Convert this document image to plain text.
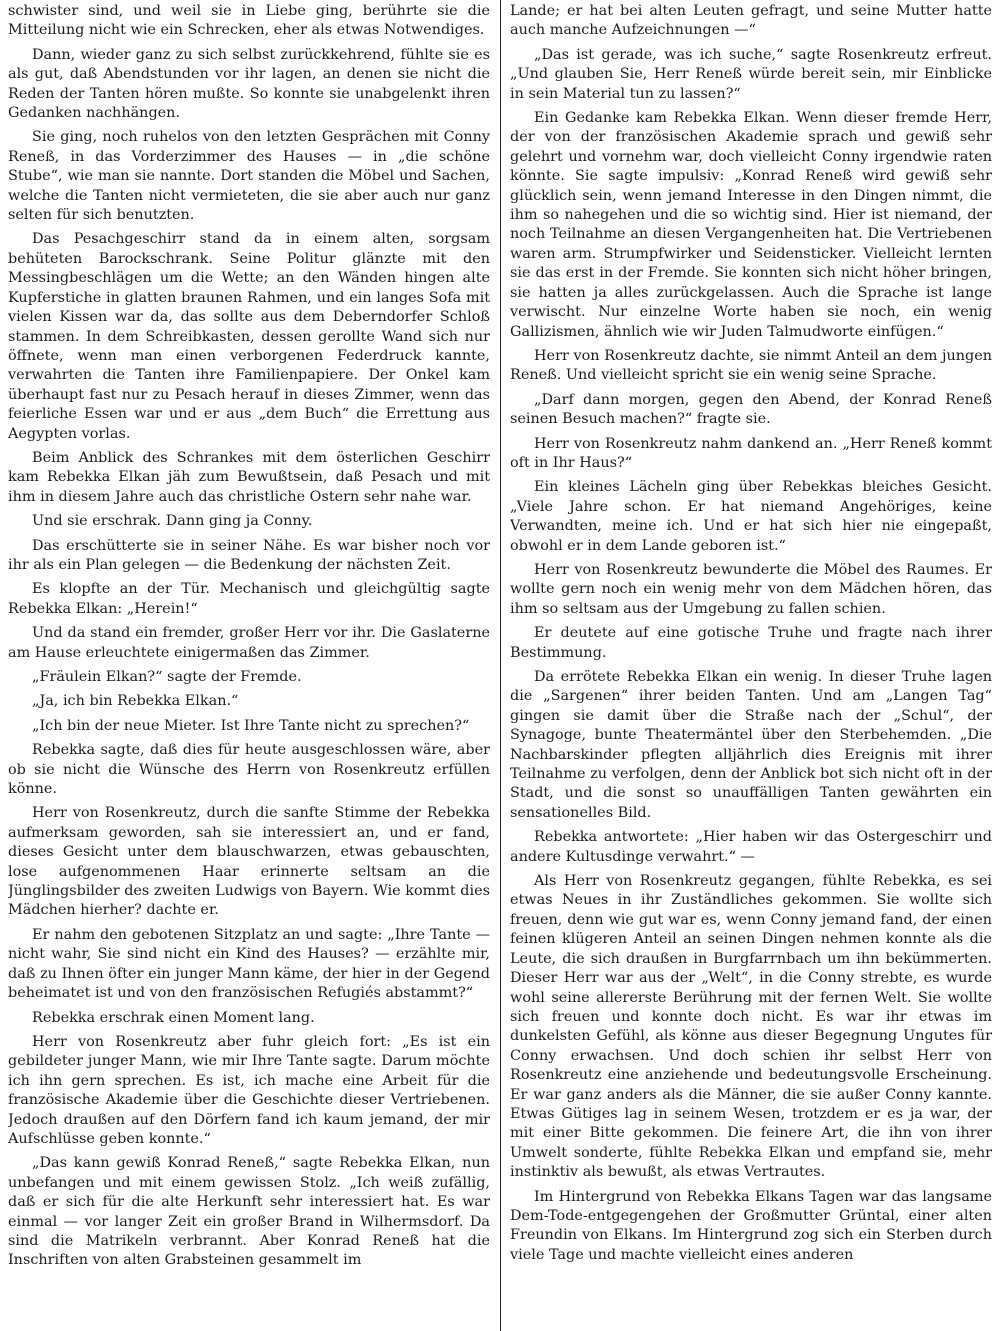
schwister sind, und weil sie in Liebe ging, berührte sie die Mitteilung nicht wie ein Schrecken, eher als etwas Notwendiges.

Dann, wieder ganz zu sich selbst zurückkehrend, fühlte sie es als gut, daß Abendstunden vor ihr lagen, an denen sie nicht die Reden der Tanten hören mußte. So konnte sie unabgelenkt ihren Gedanken nachhängen.

Sie ging, noch ruhelos von den letzten Gesprächen mit Conny Reneß, in das Vorderzimmer des Hauses — in „die schöne Stube“, wie man sie nannte. Dort standen die Möbel und Sachen, welche die Tanten nicht vermieteten, die sie aber auch nur ganz selten für sich benutzten.

Das Pesachgeschirr stand da in einem alten, sorgsam behüteten Barockschrank. Seine Politur glänzte mit den Messingbeschlägen um die Wette; an den Wänden hingen alte Kupferstiche in glatten braunen Rahmen, und ein langes Sofa mit vielen Kissen war da, das sollte aus dem Deberndorfer Schloß stammen. In dem Schreibkasten, dessen gerollte Wand sich nur öffnete, wenn man einen verborgenen Federdruck kannte, verwahrten die Tanten ihre Familienpapiere. Der Onkel kam überhaupt fast nur zu Pesach herauf in dieses Zimmer, wenn das feierliche Essen war und er aus „dem Buch“ die Errettung aus Aegypten vorlas.

Beim Anblick des Schrankes mit dem österlichen Geschirr kam Rebekka Elkan jäh zum Bewußtsein, daß Pesach und mit ihm in diesem Jahre auch das christliche Ostern sehr nahe war.

Und sie erschrak. Dann ging ja Conny.

Das erschütterte sie in seiner Nähe. Es war bisher noch vor ihr als ein Plan gelegen — die Bedenkung der nächsten Zeit.

Es klopfte an der Tür. Mechanisch und gleichgültig sagte Rebekka Elkan: „Herein!“

Und da stand ein fremder, großer Herr vor ihr. Die Gaslaterne am Hause erleuchtete einigermaßen das Zimmer.

„Fräulein Elkan?“ sagte der Fremde.

„Ja, ich bin Rebekka Elkan.“

„Ich bin der neue Mieter. Ist Ihre Tante nicht zu sprechen?“

Rebekka sagte, daß dies für heute ausgeschlossen wäre, aber ob sie nicht die Wünsche des Herrn von Rosenkreutz erfüllen könne.

Herr von Rosenkreutz, durch die sanfte Stimme der Rebekka aufmerksam geworden, sah sie interessiert an, und er fand, dieses Gesicht unter dem blauschwarzen, etwas gebauschten, lose aufgenommenen Haar erinnerte seltsam an die Jünglingsbilder des zweiten Ludwigs von Bayern. Wie kommt dies Mädchen hierher? dachte er.

Er nahm den gebotenen Sitzplatz an und sagte: „Ihre Tante — nicht wahr, Sie sind nicht ein Kind des Hauses? — erzählte mir, daß zu Ihnen öfter ein junger Mann käme, der hier in der Gegend beheimatet ist und von den französischen Refugiés abstammt?“

Rebekka erschrak einen Moment lang.

Herr von Rosenkreutz aber fuhr gleich fort: „Es ist ein gebildeter junger Mann, wie mir Ihre Tante sagte. Darum möchte ich ihn gern sprechen. Es ist, ich mache eine Arbeit für die französische Akademie über die Geschichte dieser Vertriebenen. Jedoch draußen auf den Dörfern fand ich kaum jemand, der mir Aufschlüsse geben konnte.“

„Das kann gewiß Konrad Reneß,“ sagte Rebekka Elkan, nun unbefangen und mit einem gewissen Stolz. „Ich weiß zufällig, daß er sich für die alte Herkunft sehr interessiert hat. Es war einmal — vor langer Zeit ein großer Brand in Wilhermsdorf. Da sind die Matrikeln verbrannt. Aber Konrad Reneß hat die Inschriften von alten Grabsteinen gesammelt im

Lande; er hat bei alten Leuten gefragt, und seine Mutter hatte auch manche Aufzeichnungen —“

„Das ist gerade, was ich suche,“ sagte Rosenkreutz erfreut. „Und glauben Sie, Herr Reneß würde bereit sein, mir Einblicke in sein Material tun zu lassen?“

Ein Gedanke kam Rebekka Elkan. Wenn dieser fremde Herr, der von der französischen Akademie sprach und gewiß sehr gelehrt und vornehm war, doch vielleicht Conny irgendwie raten könnte. Sie sagte impulsiv: „Konrad Reneß wird gewiß sehr glücklich sein, wenn jemand Interesse in den Dingen nimmt, die ihm so nahegehen und die so wichtig sind. Hier ist niemand, der noch Teilnahme an diesen Vergangenheiten hat. Die Vertriebenen waren arm. Strumpfwirker und Seidensticker. Vielleicht lernten sie das erst in der Fremde. Sie konnten sich nicht höher bringen, sie hatten ja alles zurückgelassen. Auch die Sprache ist lange verwischt. Nur einzelne Worte haben sie noch, ein wenig Gallizismen, ähnlich wie wir Juden Talmudworte einfügen.“

Herr von Rosenkreutz dachte, sie nimmt Anteil an dem jungen Reneß. Und vielleicht spricht sie ein wenig seine Sprache.

„Darf dann morgen, gegen den Abend, der Konrad Reneß seinen Besuch machen?“ fragte sie.

Herr von Rosenkreutz nahm dankend an. „Herr Reneß kommt oft in Ihr Haus?“

Ein kleines Lächeln ging über Rebekkas bleiches Gesicht. „Viele Jahre schon. Er hat niemand Angehöriges, keine Verwandten, meine ich. Und er hat sich hier nie eingepaßt, obwohl er in dem Lande geboren ist.“

Herr von Rosenkreutz bewunderte die Möbel des Raumes. Er wollte gern noch ein wenig mehr von dem Mädchen hören, das ihm so seltsam aus der Umgebung zu fallen schien.

Er deutete auf eine gotische Truhe und fragte nach ihrer Bestimmung.

Da errötete Rebekka Elkan ein wenig. In dieser Truhe lagen die „Sargenen“ ihrer beiden Tanten. Und am „Langen Tag“ gingen sie damit über die Straße nach der „Schul“, der Synagoge, bunte Theatermäntel über den Sterbehemden. „Die Nachbarskinder pflegten alljährlich dies Ereignis mit ihrer Teilnahme zu verfolgen, denn der Anblick bot sich nicht oft in der Stadt, und die sonst so unauffälligen Tanten gewährten ein sensationelles Bild.

Rebekka antwortete: „Hier haben wir das Ostergeschirr und andere Kultusdinge verwahrt.“ —

Als Herr von Rosenkreutz gegangen, fühlte Rebekka, es sei etwas Neues in ihr Zuständliches gekommen. Sie wollte sich freuen, denn wie gut war es, wenn Conny jemand fand, der einen feinen klügeren Anteil an seinen Dingen nehmen konnte als die Leute, die sich draußen in Burgfarrnbach um ihn bekümmerten. Dieser Herr war aus der „Welt“, in die Conny strebte, es wurde wohl seine allererste Berührung mit der fernen Welt. Sie wollte sich freuen und konnte doch nicht. Es war ihr etwas im dunkelsten Gefühl, als könne aus dieser Begegnung Ungutes für Conny erwachsen. Und doch schien ihr selbst Herr von Rosenkreutz eine anziehende und bedeutungsvolle Erscheinung. Er war ganz anders als die Männer, die sie außer Conny kannte. Etwas Gütiges lag in seinem Wesen, trotzdem er es ja war, der mit einer Bitte gekommen. Die feinere Art, die ihn von ihrer Umwelt sonderte, fühlte Rebekka Elkan und empfand sie, mehr instinktiv als bewußt, als etwas Vertrautes.

Im Hintergrund von Rebekka Elkans Tagen war das langsame Dem-Tode-entgegengehen der Großmutter Grüntal, einer alten Freundin von Elkans. Im Hintergrund zog sich ein Sterben durch viele Tage und machte vielleicht eines anderen
